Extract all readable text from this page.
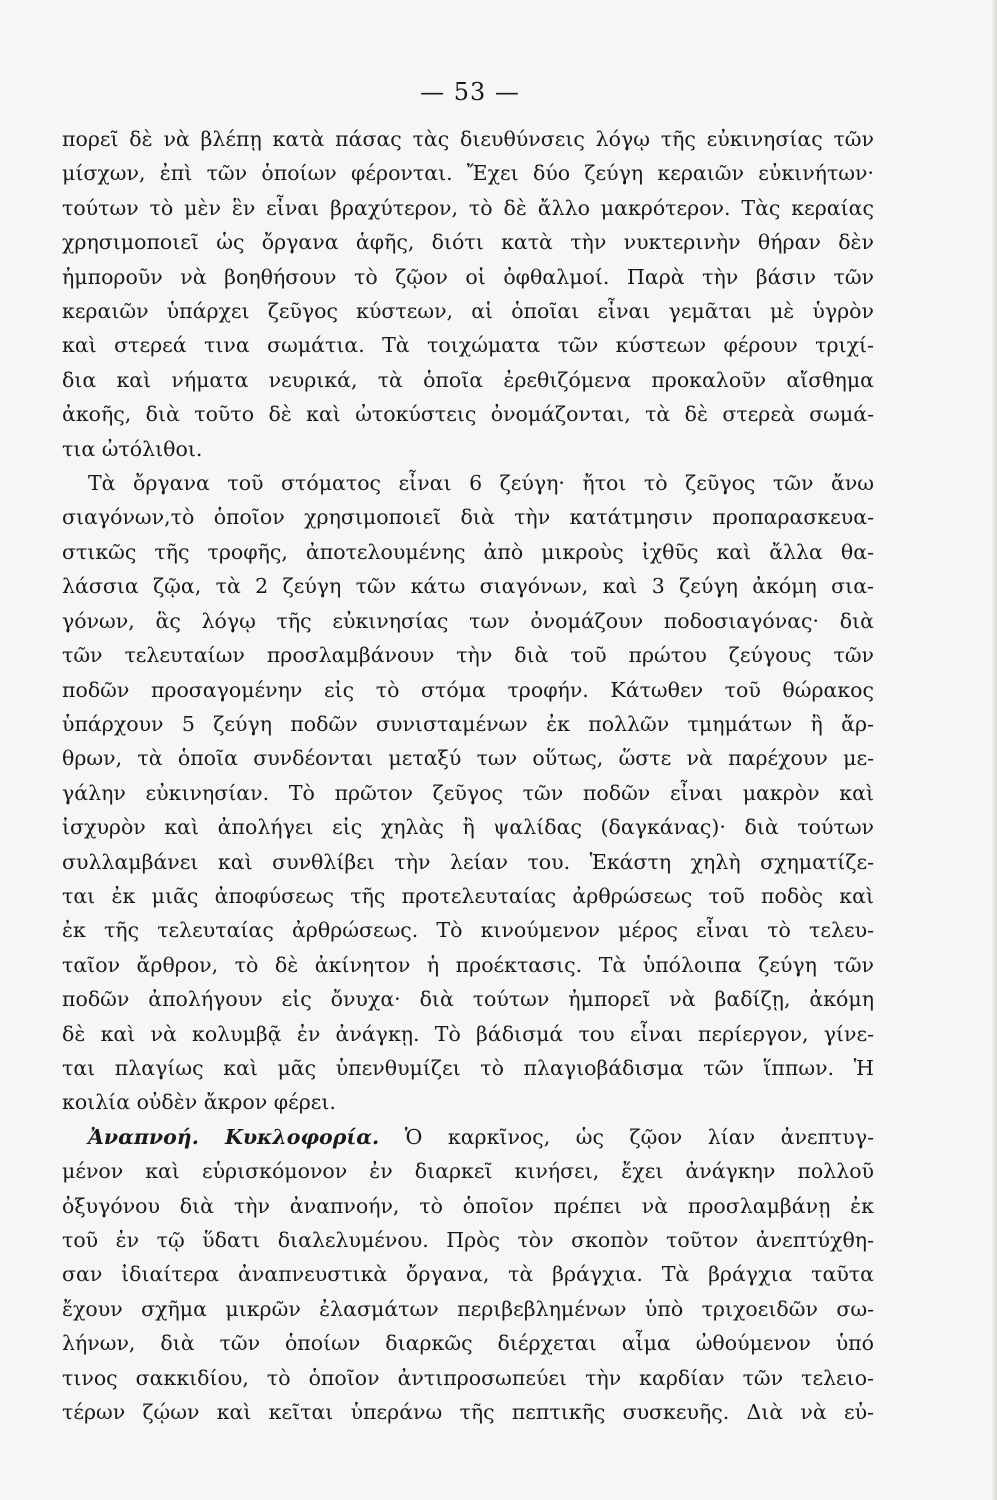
— 53 —

πορεῖ δὲ νὰ βλέπῃ κατὰ πάσας τὰς διευθύνσεις λόγῳ τῆς εὐκινησίας τῶν
μίσχων, ἐπὶ τῶν ὁποίων φέρονται. Ἔχει δύο ζεύγη κεραιῶν εὐκινήτων·
τούτων τὸ μὲν ἓν εἶναι βραχύτερον, τὸ δὲ ἄλλο μακρότερον. Τὰς κεραίας
χρησιμοποιεῖ ὡς ὄργανα ἁφῆς, διότι κατὰ τὴν νυκτερινὴν θήραν δὲν
ἠμποροῦν νὰ βοηθήσουν τὸ ζῷον οἱ ὀφθαλμοί. Παρὰ τὴν βάσιν τῶν
κεραιῶν ὑπάρχει ζεῦγος κύστεων, αἱ ὁποῖαι εἶναι γεμᾶται μὲ ὑγρὸν
καὶ στερεά τινα σωμάτια. Τὰ τοιχώματα τῶν κύστεων φέρουν τριχί-
δια καὶ νήματα νευρικά, τὰ ὁποῖα ἐρεθιζόμενα προκαλοῦν αἴσθημα
ἀκοῆς, διὰ τοῦτο δὲ καὶ ὠτοκύστεις ὀνομάζονται, τὰ δὲ στερεὰ σωμά-
τια ὠτόλιθοι.

Τὰ ὄργανα τοῦ στόματος εἶναι 6 ζεύγη· ἤτοι τὸ ζεῦγος τῶν ἄνω
σιαγόνων,τὸ ὁποῖον χρησιμοποιεῖ διὰ τὴν κατάτμησιν προπαρασκευα-
στικῶς τῆς τροφῆς, ἀποτελουμένης ἀπὸ μικροὺς ἰχθῦς καὶ ἄλλα θα-
λάσσια ζῷα, τὰ 2 ζεύγη τῶν κάτω σιαγόνων, καὶ 3 ζεύγη ἀκόμη σια-
γόνων, ἃς λόγῳ τῆς εὐκινησίας των ὀνομάζουν ποδοσιαγόνας· διὰ
τῶν τελευταίων προσλαμβάνουν τὴν διὰ τοῦ πρώτου ζεύγους τῶν
ποδῶν προσαγομένην εἰς τὸ στόμα τροφήν. Κάτωθεν τοῦ θώρακος
ὑπάρχουν 5 ζεύγη ποδῶν συνισταμένων ἐκ πολλῶν τμημάτων ἢ ἄρ-
θρων, τὰ ὁποῖα συνδέονται μεταξύ των οὕτως, ὥστε νὰ παρέχουν με-
γάλην εὐκινησίαν. Τὸ πρῶτον ζεῦγος τῶν ποδῶν εἶναι μακρὸν καὶ
ἰσχυρὸν καὶ ἀπολήγει εἰς χηλὰς ἢ ψαλίδας (δαγκάνας)· διὰ τούτων
συλλαμβάνει καὶ συνθλίβει τὴν λείαν του. Ἑκάστη χηλὴ σχηματίζε-
ται ἐκ μιᾶς ἀποφύσεως τῆς προτελευταίας ἀρθρώσεως τοῦ ποδὸς καὶ
ἐκ τῆς τελευταίας ἀρθρώσεως. Τὸ κινούμενον μέρος εἶναι τὸ τελευ-
ταῖον ἄρθρον, τὸ δὲ ἀκίνητον ἡ προέκτασις. Τὰ ὑπόλοιπα ζεύγη τῶν
ποδῶν ἀπολήγουν εἰς ὄνυχα· διὰ τούτων ἠμπορεῖ νὰ βαδίζῃ, ἀκόμη
δὲ καὶ νὰ κολυμβᾷ ἐν ἀνάγκῃ. Τὸ βάδισμά του εἶναι περίεργον, γίνε-
ται πλαγίως καὶ μᾶς ὑπενθυμίζει τὸ πλαγιοβάδισμα τῶν ἵππων. Ἡ
κοιλία οὐδὲν ἄκρον φέρει.

Ἀναπνοή. Κυκλοφορία. Ὁ καρκῖνος, ὡς ζῷον λίαν ἀνεπτυγ-
μένον καὶ εὑρισκόμονον ἐν διαρκεῖ κινήσει, ἔχει ἀνάγκην πολλοῦ
ὀξυγόνου διὰ τὴν ἀναπνοήν, τὸ ὁποῖον πρέπει νὰ προσλαμβάνῃ ἐκ
τοῦ ἐν τῷ ὕδατι διαλελυμένου. Πρὸς τὸν σκοπὸν τοῦτον ἀνεπτύχθη-
σαν ἰδιαίτερα ἀναπνευστικὰ ὄργανα, τὰ βράγχια. Τὰ βράγχια ταῦτα
ἔχουν σχῆμα μικρῶν ἐλασμάτων περιβεβλημένων ὑπὸ τριχοειδῶν σω-
λήνων, διὰ τῶν ὁποίων διαρκῶς διέρχεται αἷμα ὠθούμενον ὑπό
τινος σακκιδίου, τὸ ὁποῖον ἀντιπροσωπεύει τὴν καρδίαν τῶν τελειο-
τέρων ζῴων καὶ κεῖται ὑπεράνω τῆς πεπτικῆς συσκευῆς. Διὰ νὰ εὐ-
